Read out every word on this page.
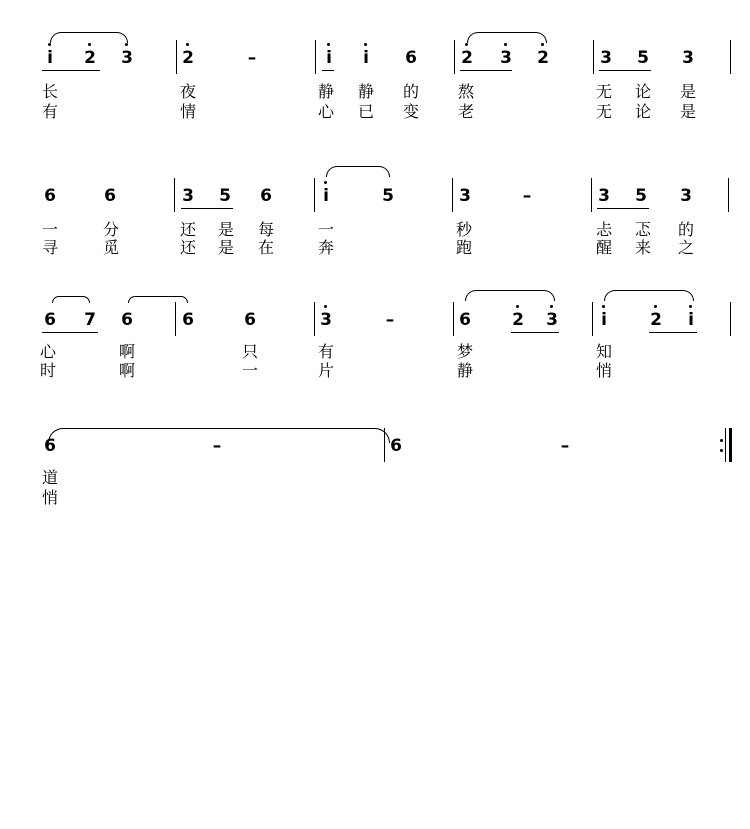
i	2 3	2	–	i	i	6	2 3 2	3 5 3
长	夜	静 静 的 熬	无 论 是
有	情	心 已 变 老	无 论 是
6	6	3 5 6	i	5	3	–	3 5 3
一	分	还 是 每	一	秒	忐 忑 的
寻	觅	还 是 在	奔	跑	醒 来 之
6 7 6	6	6	3	–	6 2 3	i	2	i
心	啊	只	有	梦	知
时	啊	一	片	静	悄
6	–	6	–
道
悄
